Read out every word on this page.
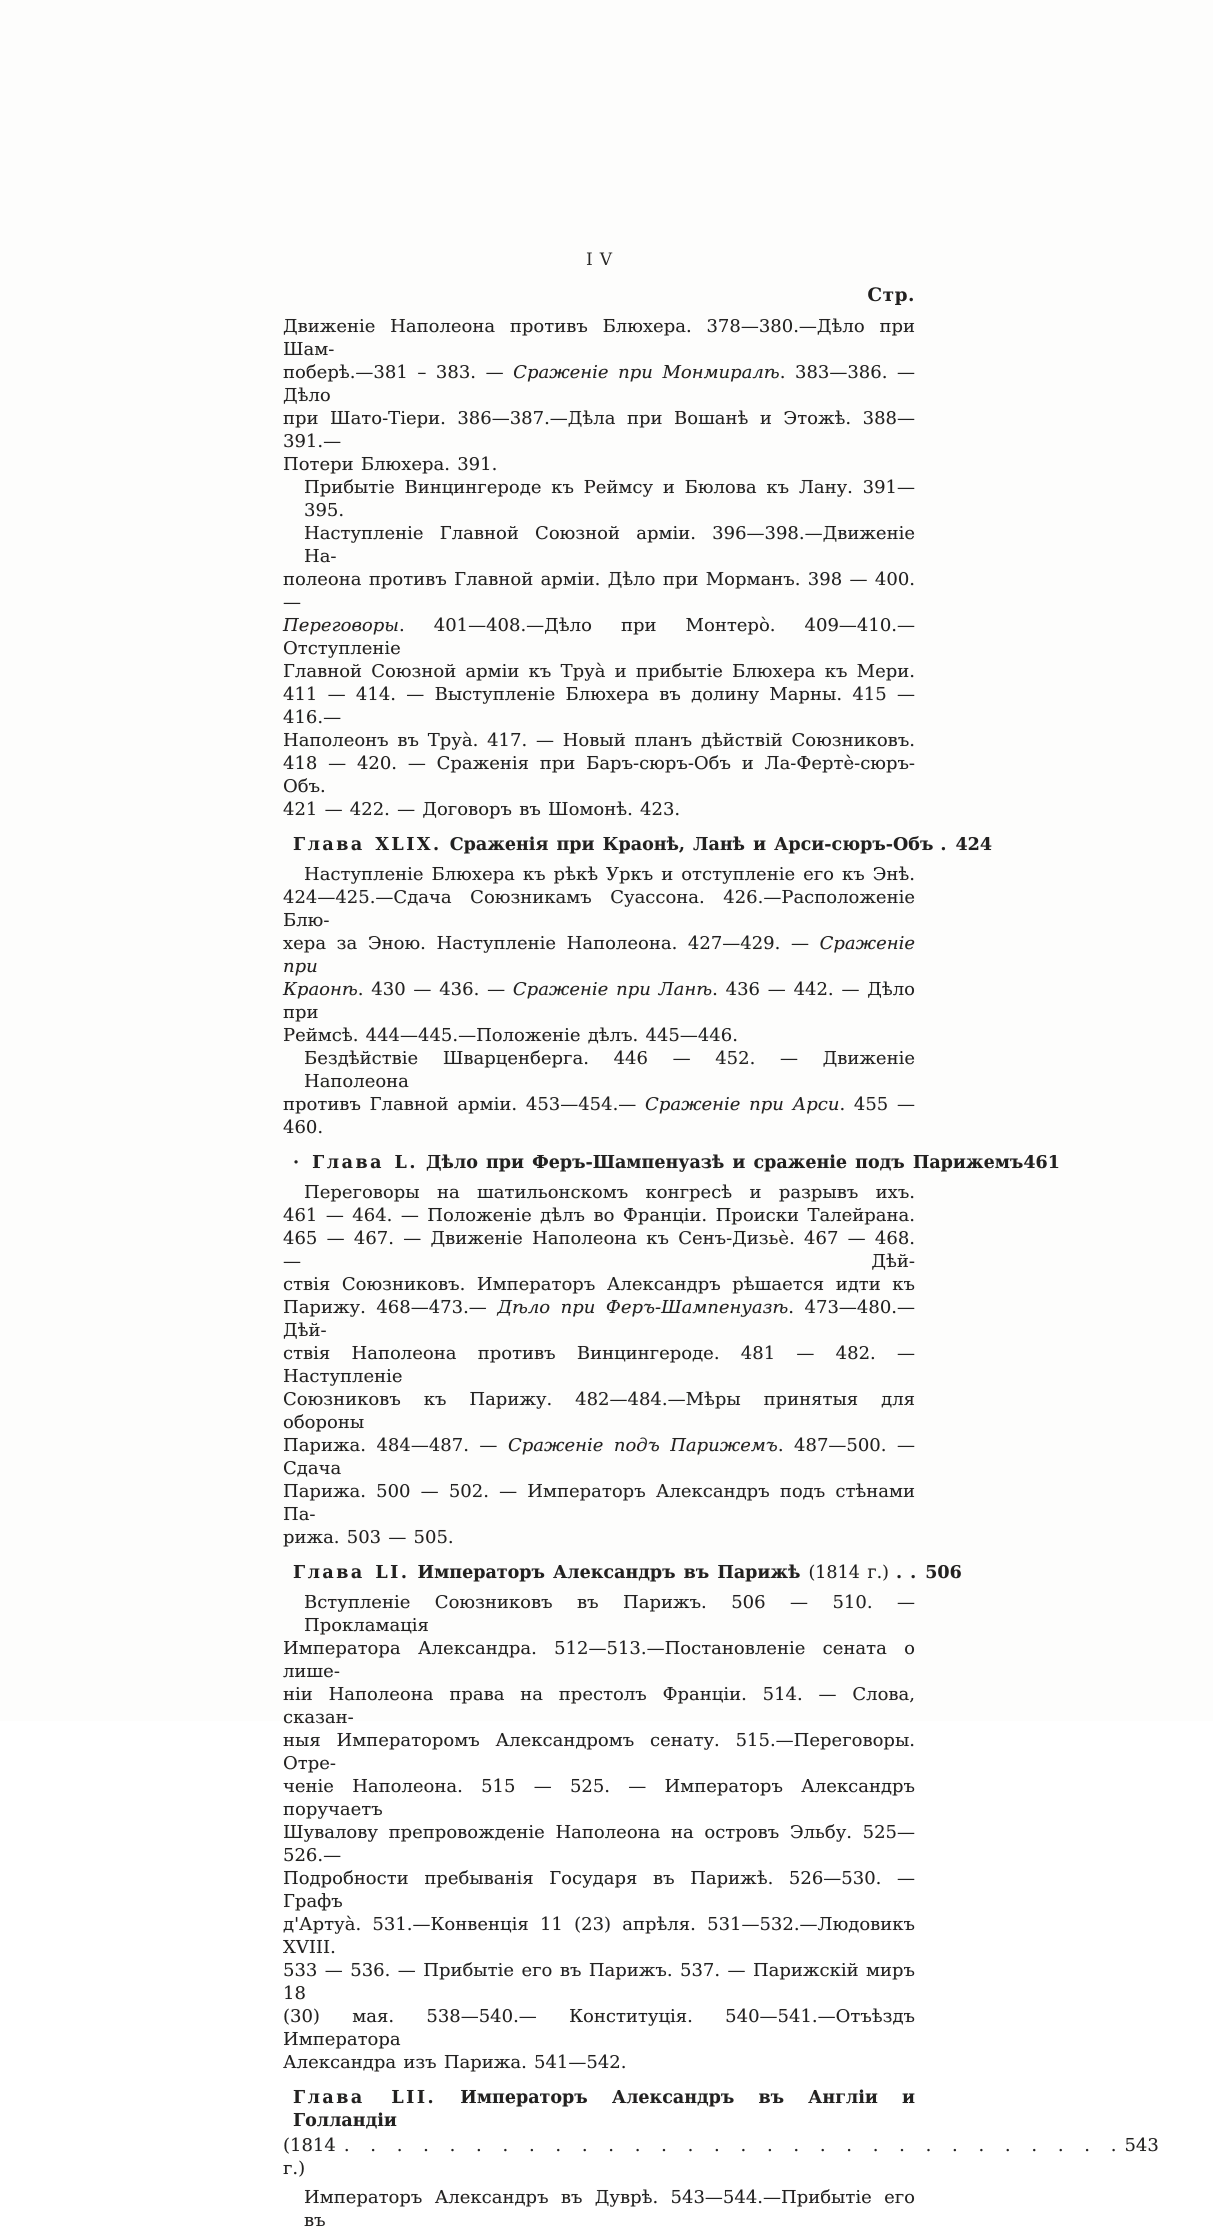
IV
Стр.
Движеніе Наполеона противъ Блюхера. 378—380.—Дѣло при Шам-
поберѣ.—381 – 383. — Сраженіе при Монмиралѣ. 383—386. — Дѣло
при Шато-Тіери. 386—387.—Дѣла при Вошанѣ и Этожѣ. 388—391.—
Потери Блюхера. 391.
Прибытіе Винцингероде къ Реймсу и Бюлова къ Лану. 391—395.
Наступленіе Главной Союзной арміи. 396—398.—Движеніе На-
полеона противъ Главной арміи. Дѣло при Морманъ. 398 — 400. —
Переговоры. 401—408.—Дѣло при Монтеро̀. 409—410.—Отступленіе
Главной Союзной арміи къ Труа̀ и прибытіе Блюхера къ Мери.
411 — 414. — Выступленіе Блюхера въ долину Марны. 415 — 416.—
Наполеонъ въ Труа̀. 417. — Новый планъ дѣйствій Союзниковъ.
418 — 420. — Сраженія при Баръ-сюръ-Объ и Ла-Фертѐ-сюръ-Объ.
421 — 422. — Договоръ въ Шомонѣ. 423.
Глава XLIX. Сраженія при Краонѣ, Ланѣ и Арси-сюръ-Объ . 424
Наступленіе Блюхера къ рѣкѣ Уркъ и отступленіе его къ Энѣ.
424—425.—Сдача Союзникамъ Суассона. 426.—Расположеніе Блю-
хера за Эною. Наступленіе Наполеона. 427—429. — Сраженіе при
Краонѣ. 430 — 436. — Сраженіе при Ланѣ. 436 — 442. — Дѣло при
Реймсѣ. 444—445.—Положеніе дѣлъ. 445—446.
Бездѣйствіе Шварценберга. 446 — 452. — Движеніе Наполеона
противъ Главной арміи. 453—454.— Сраженіе при Арси. 455 — 460.
· Глава L. Дѣло при Феръ-Шампенуазѣ и сраженіе подъ Парижемъ 461
Переговоры на шатильонскомъ конгресѣ и разрывъ ихъ.
461 — 464. — Положеніе дѣлъ во Франціи. Происки Талейрана.
465 — 467. — Движеніе Наполеона къ Сенъ-Дизьѐ. 467 — 468. — Дѣй-
ствія Союзниковъ. Императоръ Александръ рѣшается идти къ
Парижу. 468—473.— Дѣло при Феръ-Шампенуазѣ. 473—480.—Дѣй-
ствія Наполеона противъ Винцингероде. 481 — 482. — Наступленіе
Союзниковъ къ Парижу. 482—484.—Мѣры принятыя для обороны
Парижа. 484—487. — Сраженіе подъ Парижемъ. 487—500. — Сдача
Парижа. 500 — 502. — Императоръ Александръ подъ стѣнами Па-
рижа. 503 — 505.
Глава LI. Императоръ Александръ въ Парижѣ (1814 г.) . . 506
Вступленіе Союзниковъ въ Парижъ. 506 — 510. — Прокламація
Императора Александра. 512—513.—Постановленіе сената о лише-
ніи Наполеона права на престолъ Франціи. 514. — Слова, сказан-
ныя Императоромъ Александромъ сенату. 515.—Переговоры. Отре-
ченіе Наполеона. 515 — 525. — Императоръ Александръ поручаетъ
Шувалову препровожденіе Наполеона на островъ Эльбу. 525—526.—
Подробности пребыванія Государя въ Парижѣ. 526—530. — Графъ
д'Артуа̀. 531.—Конвенція 11 (23) апрѣля. 531—532.—Людовикъ XVIII.
533 — 536. — Прибытіе его въ Парижъ. 537. — Парижскій миръ 18
(30) мая. 538—540.— Конституція. 540—541.—Отъѣздъ Императора
Александра изъ Парижа. 541—542.
Глава LII. Императоръ Александръ въ Англіи и Голландіи
(1814 г.)
. . . . . . . . . . . . . . . . . . . . . . . . . . . . . . 543
Императоръ Александръ въ Дуврѣ. 543—544.—Прибытіе его въ
